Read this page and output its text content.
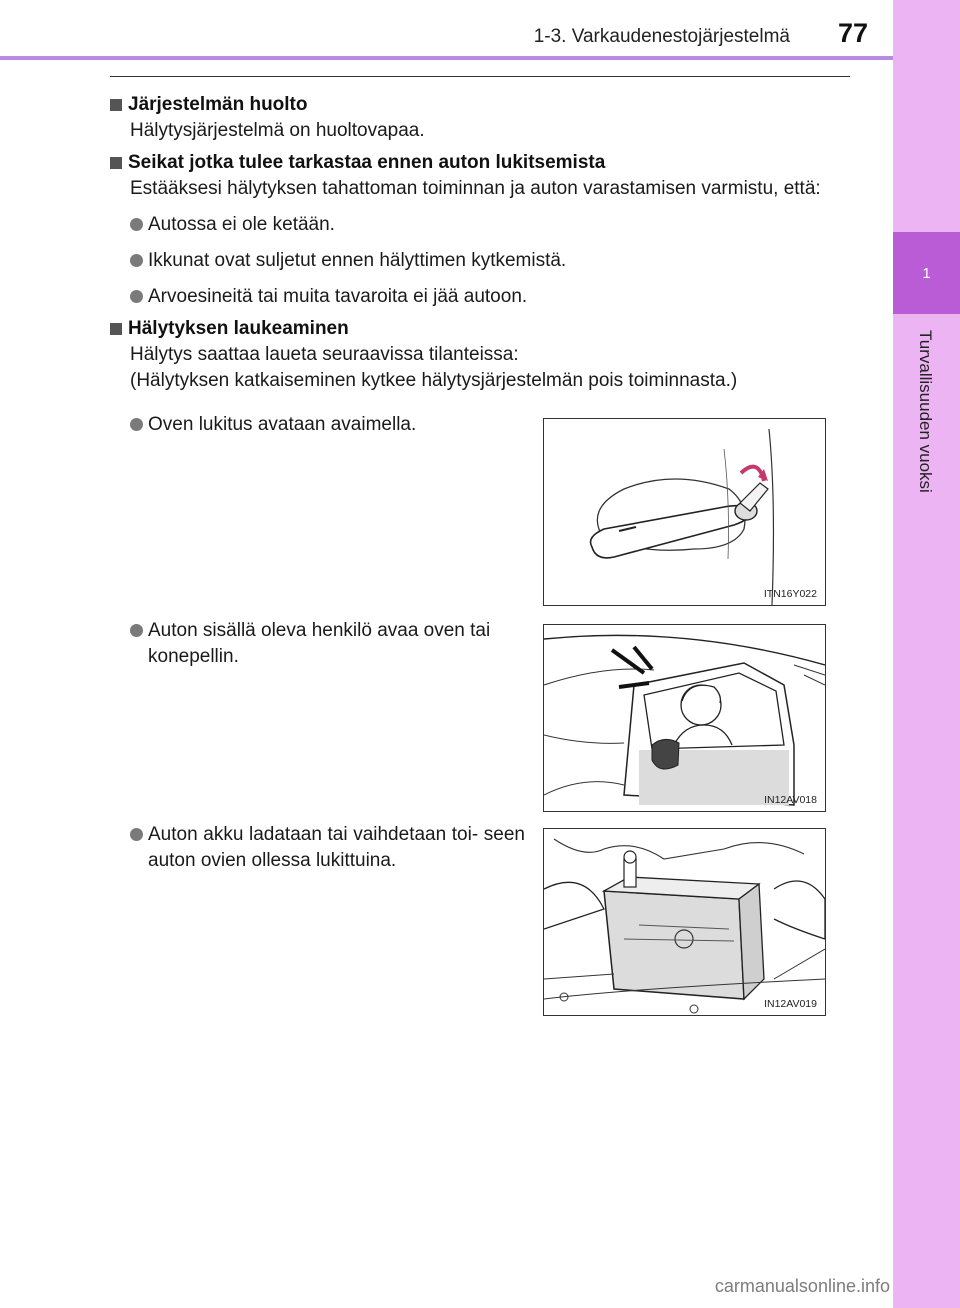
1-3. Varkaudenestojärjestelmä	77
1
Turvallisuuden vuoksi
Järjestelmän huolto
Hälytysjärjestelmä on huoltovapaa.
Seikat jotka tulee tarkastaa ennen auton lukitsemista
Estääksesi hälytyksen tahattoman toiminnan ja auton varastamisen varmistu, että:
Autossa ei ole ketään.
Ikkunat ovat suljetut ennen hälyttimen kytkemistä.
Arvoesineitä tai muita tavaroita ei jää autoon.
Hälytyksen laukeaminen
Hälytys saattaa laueta seuraavissa tilanteissa:
(Hälytyksen katkaiseminen kytkee hälytysjärjestelmän pois toiminnasta.)
Oven lukitus avataan avaimella.
ITN16Y022
Auton sisällä oleva henkilö avaa oven tai konepellin.
IN12AV018
Auton akku ladataan tai vaihdetaan toi- seen auton ovien ollessa lukittuina.
IN12AV019
carmanualsonline.info
